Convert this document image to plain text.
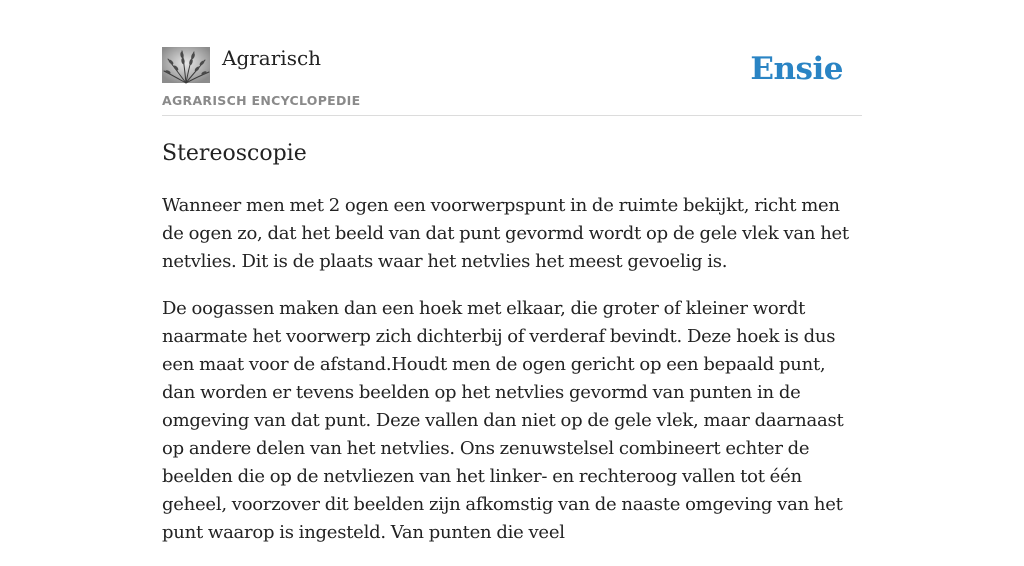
Agrarisch
AGRARISCH ENCYCLOPEDIE
Ensie
Stereoscopie

Wanneer men met 2 ogen een voorwerpspunt in de ruimte bekijkt, richt men de ogen zo, dat het beeld van dat punt gevormd wordt op de gele vlek van het netvlies. Dit is de plaats waar het netvlies het meest gevoelig is.

De oogassen maken dan een hoek met elkaar, die groter of kleiner wordt naarmate het voorwerp zich dichterbij of verderaf bevindt. Deze hoek is dus een maat voor de afstand.Houdt men de ogen gericht op een bepaald punt, dan worden er tevens beelden op het netvlies gevormd van punten in de omgeving van dat punt. Deze vallen dan niet op de gele vlek, maar daarnaast op andere delen van het netvlies. Ons zenuwstelsel combineert echter de beelden die op de netvliezen van het linker- en rechteroog vallen tot één geheel, voorzover dit beelden zijn afkomstig van de naaste omgeving van het punt waarop is ingesteld. Van punten die veel
